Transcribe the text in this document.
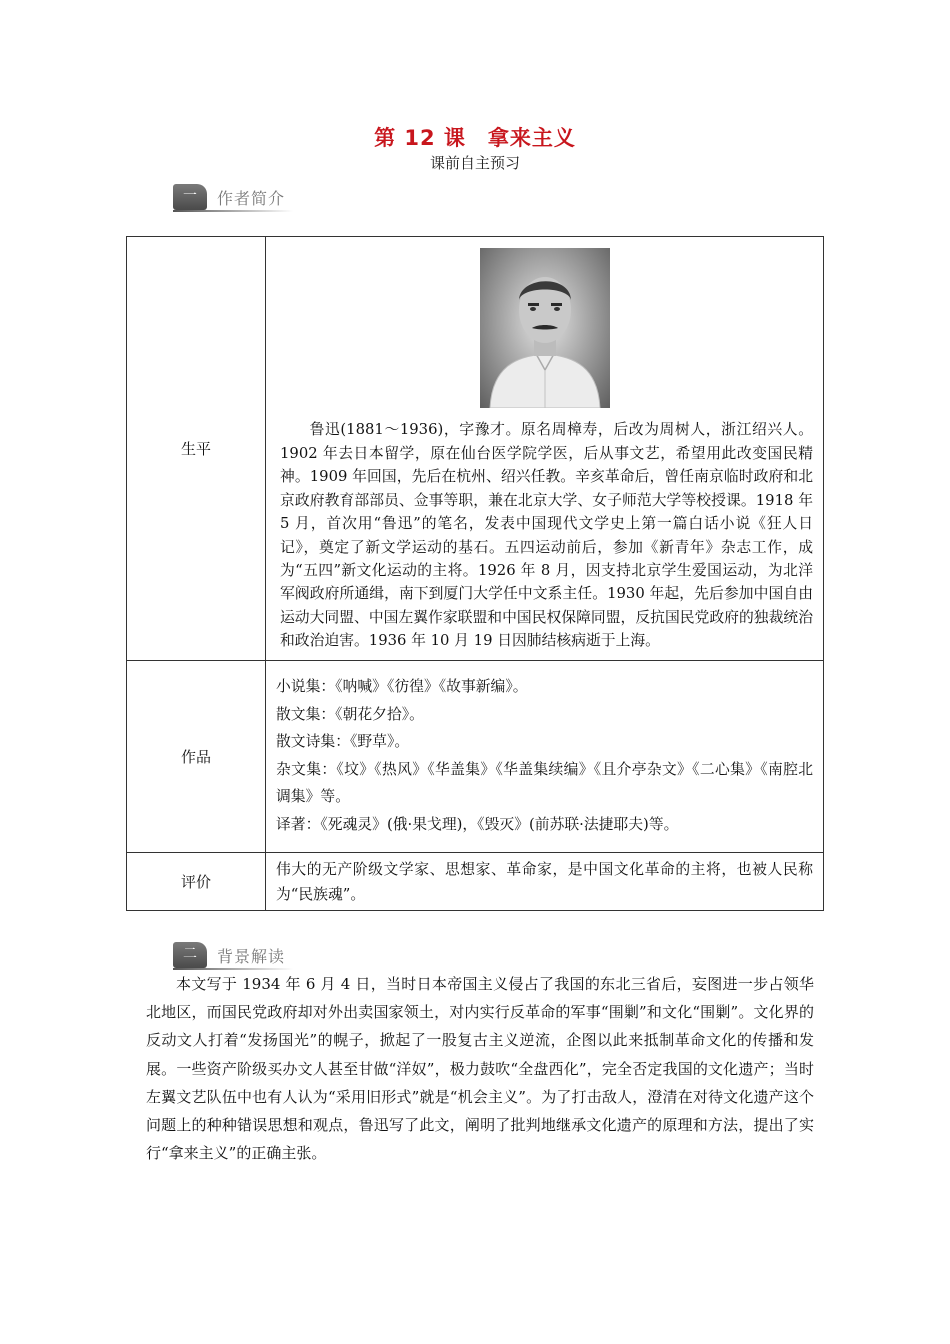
第 12 课　拿来主义
课前自主预习
一	作者简介
生平	鲁迅(1881～1936)，字豫才。原名周樟寿，后改为周树人，浙江绍兴人。1902 年去日本留学，原在仙台医学院学医，后从事文艺，希望用此改变国民精神。1909 年回国，先后在杭州、绍兴任教。辛亥革命后，曾任南京临时政府和北京政府教育部部员、佥事等职，兼在北京大学、女子师范大学等校授课。1918 年 5 月，首次用“鲁迅”的笔名，发表中国现代文学史上第一篇白话小说《狂人日记》，奠定了新文学运动的基石。五四运动前后，参加《新青年》杂志工作，成为“五四”新文化运动的主将。1926 年 8 月，因支持北京学生爱国运动，为北洋军阀政府所通缉，南下到厦门大学任中文系主任。1930 年起，先后参加中国自由运动大同盟、中国左翼作家联盟和中国民权保障同盟，反抗国民党政府的独裁统治和政治迫害。1936 年 10 月 19 日因肺结核病逝于上海。

作品	小说集：《呐喊》《彷徨》《故事新编》。
散文集：《朝花夕拾》。
散文诗集：《野草》。
杂文集：《坟》《热风》《华盖集》《华盖集续编》《且介亭杂文》《二心集》《南腔北调集》等。
译著：《死魂灵》(俄·果戈理)，《毁灭》(前苏联·法捷耶夫)等。

评价	伟大的无产阶级文学家、思想家、革命家，是中国文化革命的主将，也被人民称为“民族魂”。
二	背景解读
本文写于 1934 年 6 月 4 日，当时日本帝国主义侵占了我国的东北三省后，妄图进一步占领华北地区，而国民党政府却对外出卖国家领土，对内实行反革命的军事“围剿”和文化“围剿”。文化界的反动文人打着“发扬国光”的幌子，掀起了一股复古主义逆流，企图以此来抵制革命文化的传播和发展。一些资产阶级买办文人甚至甘做“洋奴”，极力鼓吹“全盘西化”，完全否定我国的文化遗产；当时左翼文艺队伍中也有人认为“采用旧形式”就是“机会主义”。为了打击敌人，澄清在对待文化遗产这个问题上的种种错误思想和观点，鲁迅写了此文，阐明了批判地继承文化遗产的原理和方法，提出了实行“拿来主义”的正确主张。
